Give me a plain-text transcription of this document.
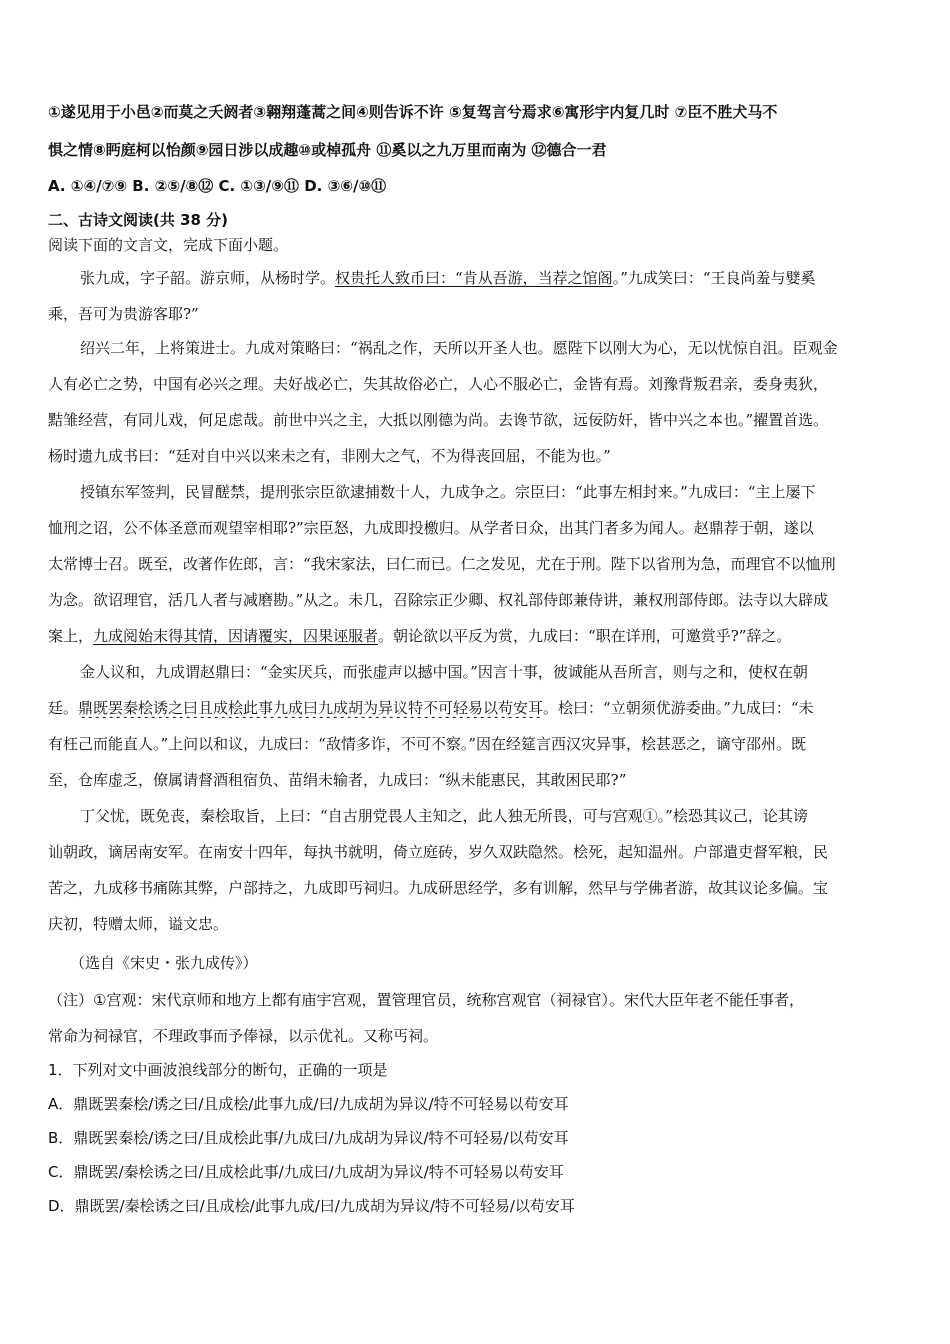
①遂见用于小邑②而莫之夭阏者③翱翔蓬蒿之间④则告诉不许 ⑤复驾言兮焉求⑥寓形宇内复几时 ⑦臣不胜犬马不
惧之情⑧眄庭柯以怡颜⑨园日涉以成趣⑩或棹孤舟 ⑪奚以之九万里而南为 ⑫德合一君
A. ①④/⑦⑨ B. ②⑤/⑧⑫ C. ①③/⑨⑪ D. ③⑥/⑩⑪
二、古诗文阅读(共 38 分)
阅读下面的文言文，完成下面小题。
张九成，字子韶。游京师，从杨时学。权贵托人致币曰：“肯从吾游，当荐之馆阁。”九成笑曰：“王良尚羞与嬖奚
乘，吾可为贵游客耶?”
绍兴二年，上将策进士。九成对策略曰：“祸乱之作，天所以开圣人也。愿陛下以刚大为心，无以忧惊自沮。臣观金
人有必亡之势，中国有必兴之理。夫好战必亡，失其故俗必亡，人心不服必亡，金皆有焉。刘豫背叛君亲，委身夷狄，
黠雏经营，有同儿戏，何足虑哉。前世中兴之主，大抵以刚德为尚。去谗节欲，远佞防奸，皆中兴之本也。”擢置首选。
杨时遗九成书曰：“廷对自中兴以来未之有，非刚大之气，不为得丧回屈，不能为也。”
授镇东军签判，民冒醝禁，提刑张宗臣欲逮捕数十人，九成争之。宗臣曰：“此事左相封来。”九成曰：“主上屡下
恤刑之诏，公不体圣意而观望宰相耶?”宗臣怒，九成即投檄归。从学者日众，出其门者多为闻人。赵鼎荐于朝，遂以
太常博士召。既至，改著作佐郎，言：“我宋家法，曰仁而已。仁之发见，尤在于刑。陛下以省刑为急，而理官不以恤刑
为念。欲诏理官，活几人者与减磨勘。”从之。未几，召除宗正少卿、权礼部侍郎兼侍讲，兼权刑部侍郎。法寺以大辟成
案上，九成阅始末得其情，因请覆实，囚果诬服者。朝论欲以平反为赏，九成曰：“职在详刑，可邀赏乎?”辞之。
金人议和，九成谓赵鼎曰：“金实厌兵，而张虚声以撼中国。”因言十事，彼诚能从吾所言，则与之和，使权在朝
廷。鼎既罢秦桧诱之曰且成桧此事九成曰九成胡为异议特不可轻易以苟安耳。桧曰：“立朝须优游委曲。”九成曰：“未
有枉己而能直人。”上问以和议，九成曰：“敌情多诈，不可不察。”因在经筵言西汉灾异事，桧甚恶之，谪守邵州。既
至，仓库虚乏，僚属请督酒租宿负、苗绢未输者，九成曰：“纵未能惠民，其敢困民耶?”
丁父忧，既免丧，秦桧取旨，上曰：“自古朋党畏人主知之，此人独无所畏，可与宫观①。”桧恐其议己，论其谤
讪朝政，谪居南安军。在南安十四年，每执书就明，倚立庭砖，岁久双趺隐然。桧死，起知温州。户部遣吏督军粮，民
苦之，九成移书痛陈其弊，户部持之，九成即丐祠归。九成研思经学，多有训解，然早与学佛者游，故其议论多偏。宝
庆初，特赠太师，谥文忠。
（选自《宋史・张九成传》）
（注）①宫观：宋代京师和地方上都有庙宇宫观，置管理官员，统称宫观官（祠禄官）。宋代大臣年老不能任事者，
常命为祠禄官，不理政事而予俸禄，以示优礼。又称丐祠。
1．下列对文中画波浪线部分的断句，正确的一项是
A．鼎既罢秦桧/诱之曰/且成桧/此事九成/曰/九成胡为异议/特不可轻易以苟安耳
B．鼎既罢秦桧/诱之曰/且成桧此事/九成曰/九成胡为异议/特不可轻易/以苟安耳
C．鼎既罢/秦桧诱之曰/且成桧此事/九成曰/九成胡为异议/特不可轻易以苟安耳
D．鼎既罢/秦桧诱之曰/且成桧/此事九成/曰/九成胡为异议/特不可轻易/以苟安耳
